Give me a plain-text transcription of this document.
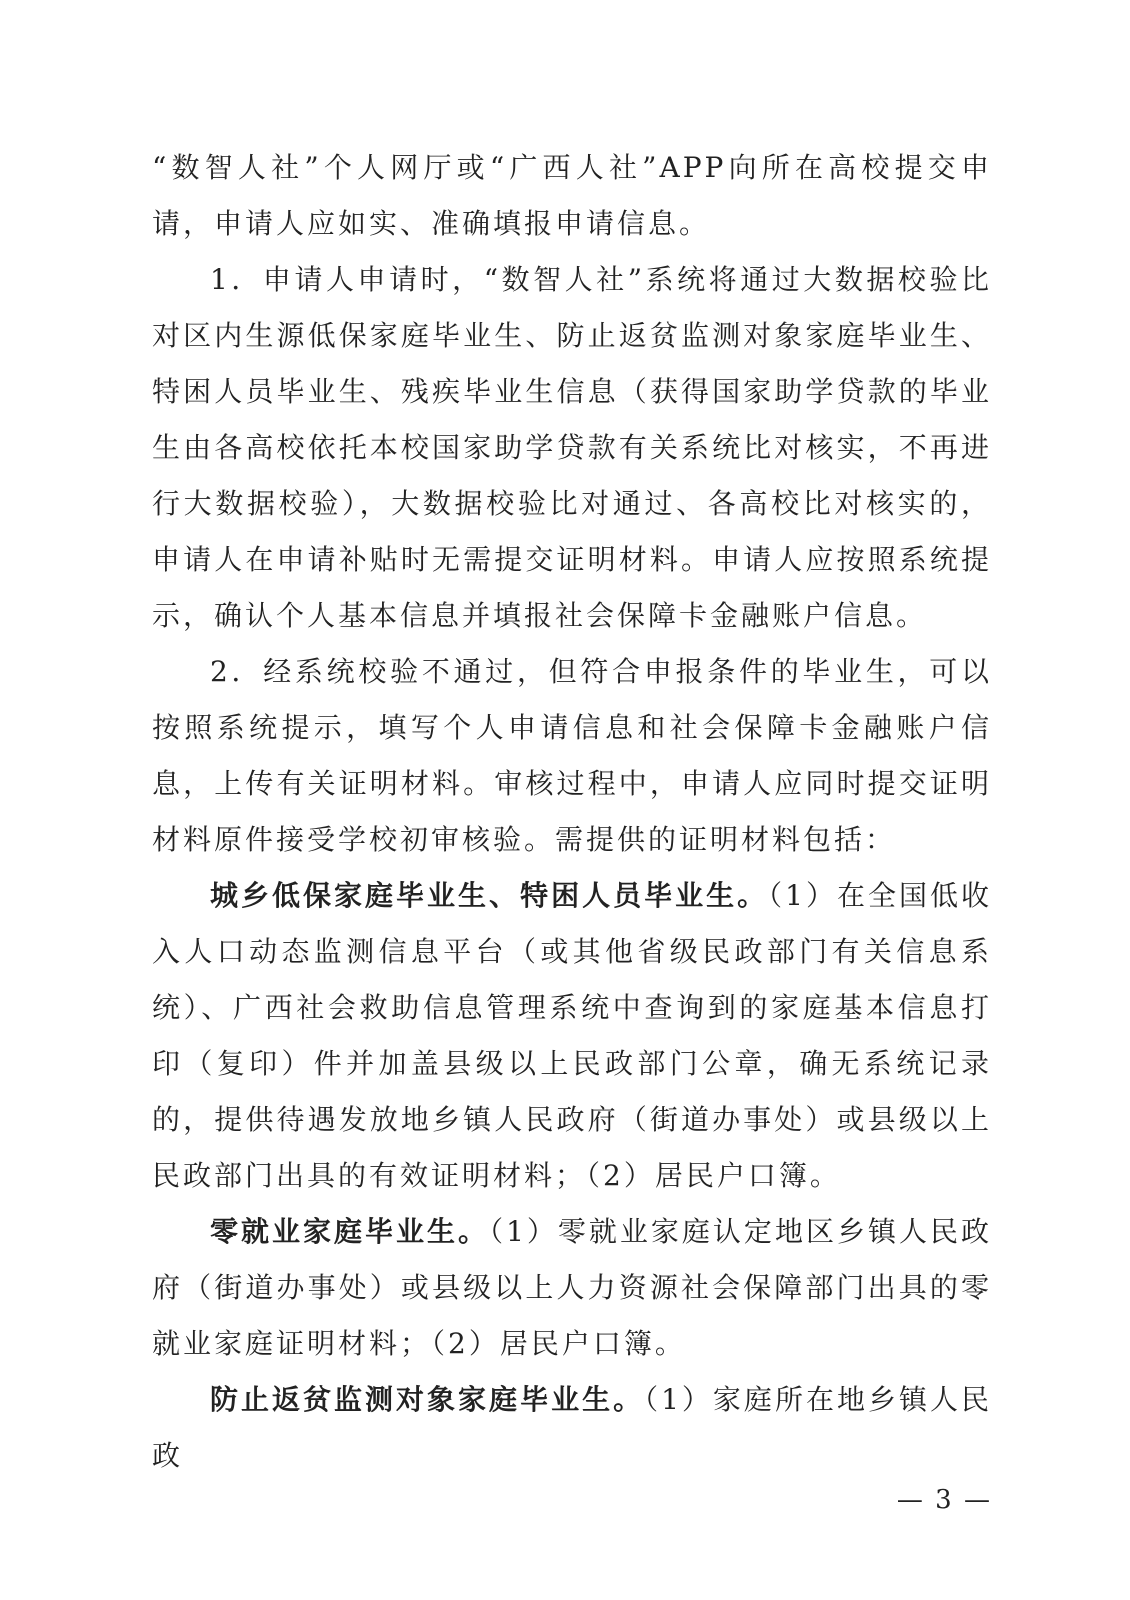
“数智人社”个人网厅或“广西人社”APP向所在高校提交申请，申请人应如实、准确填报申请信息。

1．申请人申请时，“数智人社”系统将通过大数据校验比对区内生源低保家庭毕业生、防止返贫监测对象家庭毕业生、特困人员毕业生、残疾毕业生信息（获得国家助学贷款的毕业生由各高校依托本校国家助学贷款有关系统比对核实，不再进行大数据校验），大数据校验比对通过、各高校比对核实的，申请人在申请补贴时无需提交证明材料。申请人应按照系统提示，确认个人基本信息并填报社会保障卡金融账户信息。

2．经系统校验不通过，但符合申报条件的毕业生，可以按照系统提示，填写个人申请信息和社会保障卡金融账户信息，上传有关证明材料。审核过程中，申请人应同时提交证明材料原件接受学校初审核验。需提供的证明材料包括：

城乡低保家庭毕业生、特困人员毕业生。（1）在全国低收入人口动态监测信息平台（或其他省级民政部门有关信息系统）、广西社会救助信息管理系统中查询到的家庭基本信息打印（复印）件并加盖县级以上民政部门公章，确无系统记录的，提供待遇发放地乡镇人民政府（街道办事处）或县级以上民政部门出具的有效证明材料；（2）居民户口簿。

零就业家庭毕业生。（1）零就业家庭认定地区乡镇人民政府（街道办事处）或县级以上人力资源社会保障部门出具的零就业家庭证明材料；（2）居民户口簿。

防止返贫监测对象家庭毕业生。（1）家庭所在地乡镇人民政

— 3 —
